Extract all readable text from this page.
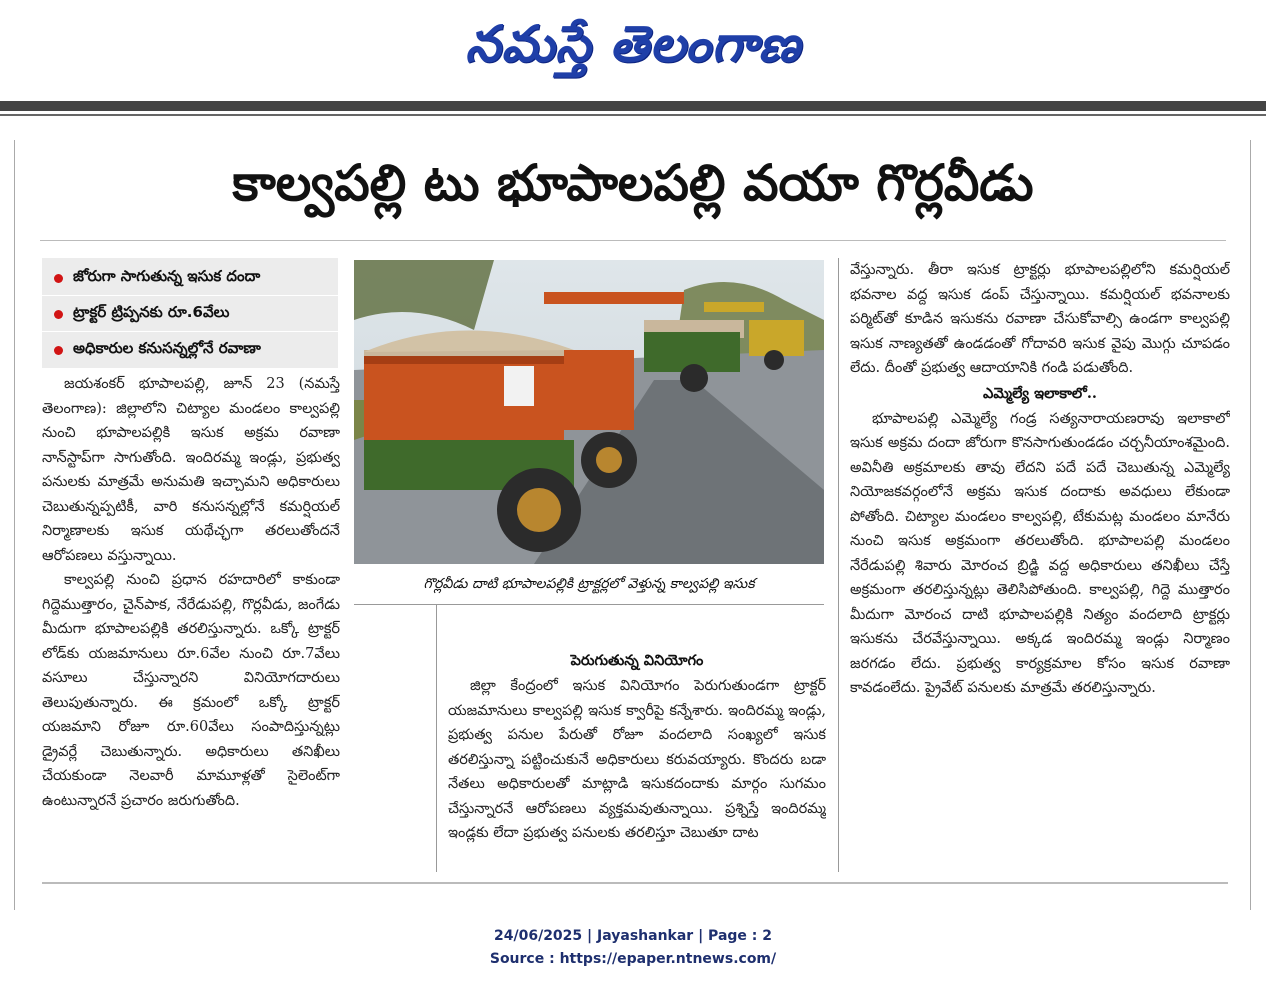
నమస్తే తెలంగాణ
కాల్వపల్లి టు భూపాలపల్లి వయా గొర్లవీడు
జోరుగా సాగుతున్న ఇసుక దందా
ట్రాక్టర్ ట్రిప్పనకు రూ.6వేలు
అధికారుల కనుసన్నల్లోనే రవాణా

జయశంకర్ భూపాలపల్లి, జూన్ 23 (నమస్తే తెలంగాణ): జిల్లాలోని చిట్యాల మండలం కాల్వపల్లి నుంచి భూపాలపల్లికి ఇసుక అక్రమ రవాణా నాన్‌స్టాప్‌గా సాగుతోంది. ఇందిరమ్మ ఇండ్లు, ప్రభుత్వ పనులకు మాత్రమే అనుమతి ఇచ్చామని అధికారులు చెబుతున్నప్పటికీ, వారి కనుసన్నల్లోనే కమర్షియల్ నిర్మాణాలకు ఇసుక యథేచ్ఛగా తరలుతోందనే ఆరోపణలు వస్తున్నాయి.

కాల్వపల్లి నుంచి ప్రధాన రహదారిలో కాకుండా గిద్దెముత్తారం, చైన్‌పాక, నేరేడుపల్లి, గొర్లవీడు, జంగేడు మీదుగా భూపాలపల్లికి తరలిస్తున్నారు. ఒక్కో ట్రాక్టర్ లోడ్‌కు యజమానులు రూ.6వేల నుంచి రూ.7వేలు వసూలు చేస్తున్నారని వినియోగదారులు తెలుపుతున్నారు. ఈ క్రమంలో ఒక్కో ట్రాక్టర్ యజమాని రోజూ రూ.60వేలు సంపాదిస్తున్నట్లు డ్రైవర్లే చెబుతున్నారు. అధికారులు తనిఖీలు చేయకుండా నెలవారీ మామూళ్లతో సైలెంట్‌గా ఉంటున్నారనే ప్రచారం జరుగుతోంది.

గొర్లవీడు దాటి భూపాలపల్లికి ట్రాక్టర్లలో వెళ్తున్న కాల్వపల్లి ఇసుక
పెరుగుతున్న వినియోగం

జిల్లా కేంద్రంలో ఇసుక వినియోగం పెరుగుతుండగా ట్రాక్టర్ యజమానులు కాల్వపల్లి ఇసుక క్వారీపై కన్నేశారు. ఇందిరమ్మ ఇండ్లు, ప్రభుత్వ పనుల పేరుతో రోజూ వందలాది సంఖ్యలో ఇసుక తరలిస్తున్నా పట్టించుకునే అధికారులు కరువయ్యారు. కొందరు బడా నేతలు అధికారులతో మాట్లాడి ఇసుకదందాకు మార్గం సుగమం చేస్తున్నారనే ఆరోపణలు వ్యక్తమవుతున్నాయి. ప్రశ్నిస్తే ఇందిరమ్మ ఇండ్లకు లేదా ప్రభుత్వ పనులకు తరలిస్తూ చెబుతూ దాట

వేస్తున్నారు. తీరా ఇసుక ట్రాక్టర్లు భూపాలపల్లిలోని కమర్షియల్ భవనాల వద్ద ఇసుక డంప్ చేస్తున్నాయి. కమర్షియల్ భవనాలకు పర్మిట్‌తో కూడిన ఇసుకను రవాణా చేసుకోవాల్సి ఉండగా కాల్వపల్లి ఇసుక నాణ్యతతో ఉండడంతో గోదావరి ఇసుక వైపు మొగ్గు చూపడం లేదు. దీంతో ప్రభుత్వ ఆదాయానికి గండి పడుతోంది.

ఎమ్మెల్యే ఇలాకాలో..

భూపాలపల్లి ఎమ్మెల్యే గండ్ర సత్యనారాయణరావు ఇలాకాలో ఇసుక అక్రమ దందా జోరుగా కొనసాగుతుండడం చర్చనీయాంశమైంది. అవినీతి అక్రమాలకు తావు లేదని పదే పదే చెబుతున్న ఎమ్మెల్యే నియోజకవర్గంలోనే అక్రమ ఇసుక దందాకు అవధులు లేకుండా పోతోంది. చిట్యాల మండలం కాల్వపల్లి, టేకుమట్ల మండలం మానేరు నుంచి ఇసుక అక్రమంగా తరలుతోంది. భూపాలపల్లి మండలం నేరేడుపల్లి శివారు మోరంచ బ్రిడ్జి వద్ద అధికారులు తనిఖీలు చేస్తే అక్రమంగా తరలిస్తున్నట్లు తెలిసిపోతుంది. కాల్వపల్లి, గిద్దె ముత్తారం మీదుగా మోరంచ దాటి భూపాలపల్లికి నిత్యం వందలాది ట్రాక్టర్లు ఇసుకను చేరవేస్తున్నాయి. అక్కడ ఇందిరమ్మ ఇండ్లు నిర్మాణం జరగడం లేదు. ప్రభుత్వ కార్యక్రమాల కోసం ఇసుక రవాణా కావడంలేదు. ప్రైవేట్ పనులకు మాత్రమే తరలిస్తున్నారు.

24/06/2025 | Jayashankar | Page : 2
Source : https://epaper.ntnews.com/
